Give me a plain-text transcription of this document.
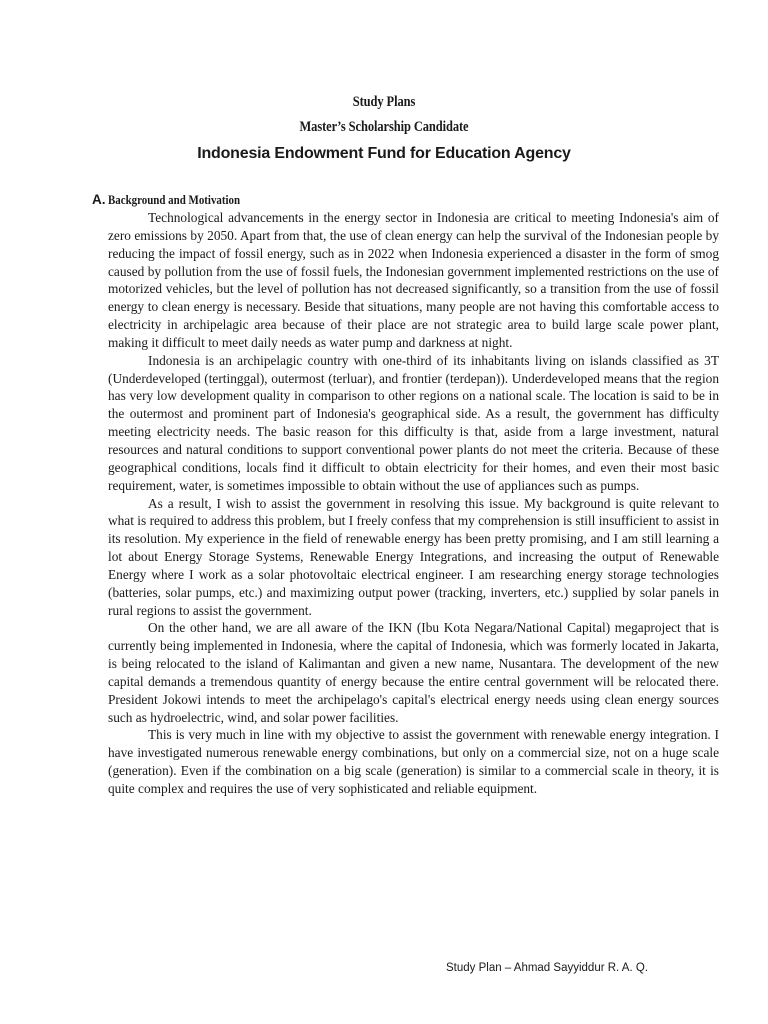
Study Plans
Master’s Scholarship Candidate
Indonesia Endowment Fund for Education Agency
A. Background and Motivation

Technological advancements in the energy sector in Indonesia are critical to meeting Indonesia's aim of zero emissions by 2050. Apart from that, the use of clean energy can help the survival of the Indonesian people by reducing the impact of fossil energy, such as in 2022 when Indonesia experienced a disaster in the form of smog caused by pollution from the use of fossil fuels, the Indonesian government implemented restrictions on the use of motorized vehicles, but the level of pollution has not decreased significantly, so a transition from the use of fossil energy to clean energy is necessary. Beside that situations, many people are not having this comfortable access to electricity in archipelagic area because of their place are not strategic area to build large scale power plant, making it difficult to meet daily needs as water pump and darkness at night.

Indonesia is an archipelagic country with one-third of its inhabitants living on islands classified as 3T (Underdeveloped (tertinggal), outermost (terluar), and frontier (terdepan)). Underdeveloped means that the region has very low development quality in comparison to other regions on a national scale. The location is said to be in the outermost and prominent part of Indonesia's geographical side. As a result, the government has difficulty meeting electricity needs. The basic reason for this difficulty is that, aside from a large investment, natural resources and natural conditions to support conventional power plants do not meet the criteria. Because of these geographical conditions, locals find it difficult to obtain electricity for their homes, and even their most basic requirement, water, is sometimes impossible to obtain without the use of appliances such as pumps.

As a result, I wish to assist the government in resolving this issue. My background is quite relevant to what is required to address this problem, but I freely confess that my comprehension is still insufficient to assist in its resolution. My experience in the field of renewable energy has been pretty promising, and I am still learning a lot about Energy Storage Systems, Renewable Energy Integrations, and increasing the output of Renewable Energy where I work as a solar photovoltaic electrical engineer. I am researching energy storage technologies (batteries, solar pumps, etc.) and maximizing output power (tracking, inverters, etc.) supplied by solar panels in rural regions to assist the government.

On the other hand, we are all aware of the IKN (Ibu Kota Negara/National Capital) megaproject that is currently being implemented in Indonesia, where the capital of Indonesia, which was formerly located in Jakarta, is being relocated to the island of Kalimantan and given a new name, Nusantara. The development of the new capital demands a tremendous quantity of energy because the entire central government will be relocated there. President Jokowi intends to meet the archipelago's capital's electrical energy needs using clean energy sources such as hydroelectric, wind, and solar power facilities.

This is very much in line with my objective to assist the government with renewable energy integration. I have investigated numerous renewable energy combinations, but only on a commercial size, not on a huge scale (generation). Even if the combination on a big scale (generation) is similar to a commercial scale in theory, it is quite complex and requires the use of very sophisticated and reliable equipment.

Study Plan – Ahmad Sayyiddur R. A. Q.
